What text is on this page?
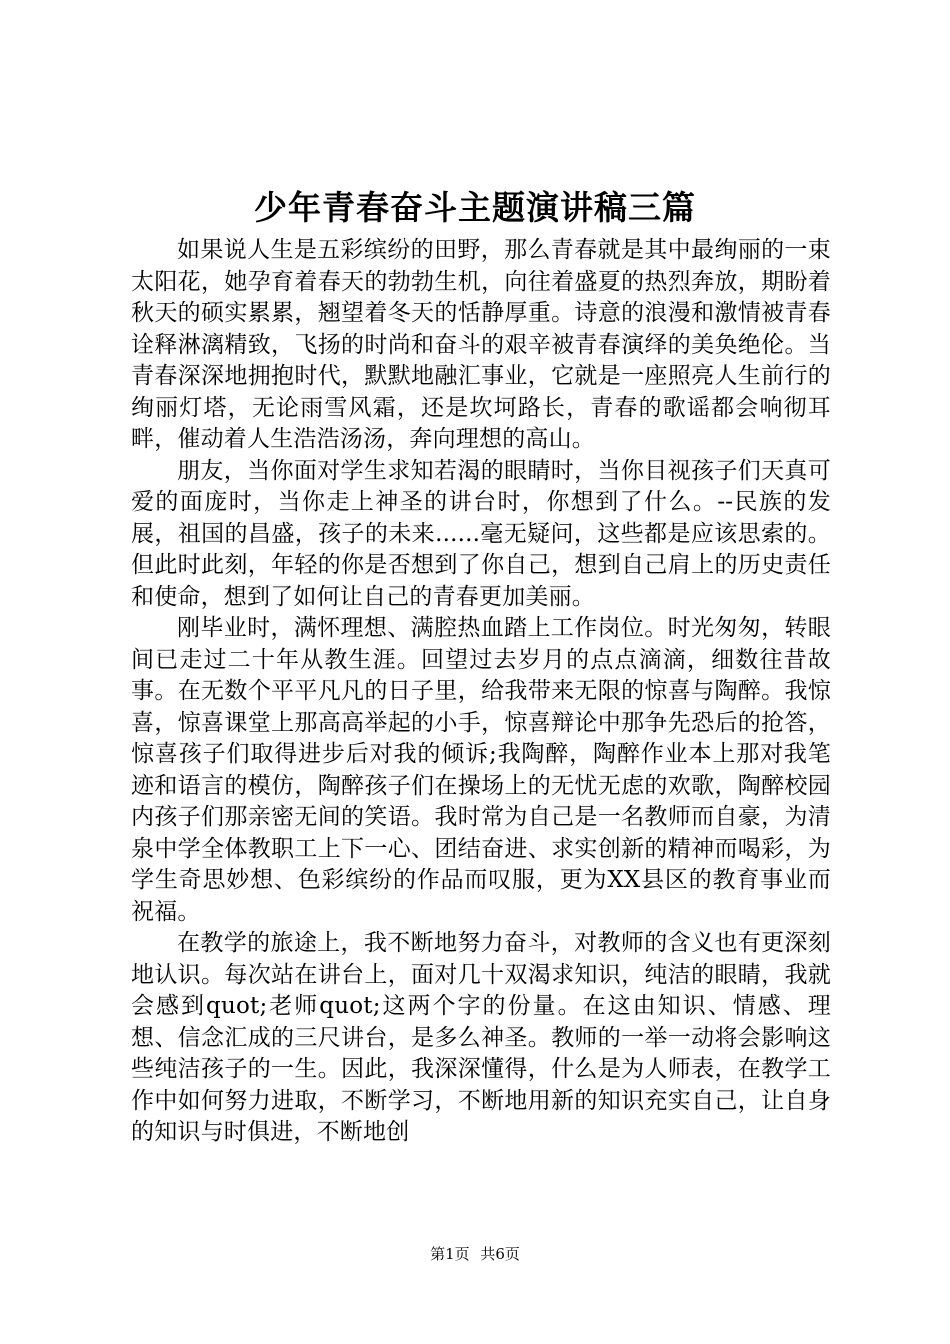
少年青春奋斗主题演讲稿三篇

如果说人生是五彩缤纷的田野，那么青春就是其中最绚丽的一束太阳花，她孕育着春天的勃勃生机，向往着盛夏的热烈奔放，期盼着秋天的硕实累累，翘望着冬天的恬静厚重。诗意的浪漫和激情被青春诠释淋漓精致，飞扬的时尚和奋斗的艰辛被青春演绎的美奂绝伦。当青春深深地拥抱时代，默默地融汇事业，它就是一座照亮人生前行的绚丽灯塔，无论雨雪风霜，还是坎坷路长，青春的歌谣都会响彻耳畔，催动着人生浩浩汤汤，奔向理想的高山。

朋友，当你面对学生求知若渴的眼睛时，当你目视孩子们天真可爱的面庞时，当你走上神圣的讲台时，你想到了什么。--民族的发展，祖国的昌盛，孩子的未来......毫无疑问，这些都是应该思索的。但此时此刻，年轻的你是否想到了你自己，想到自己肩上的历史责任和使命，想到了如何让自己的青春更加美丽。

刚毕业时，满怀理想、满腔热血踏上工作岗位。时光匆匆，转眼间已走过二十年从教生涯。回望过去岁月的点点滴滴，细数往昔故事。在无数个平平凡凡的日子里，给我带来无限的惊喜与陶醉。我惊喜，惊喜课堂上那高高举起的小手，惊喜辩论中那争先恐后的抢答，惊喜孩子们取得进步后对我的倾诉;我陶醉，陶醉作业本上那对我笔迹和语言的模仿，陶醉孩子们在操场上的无忧无虑的欢歌，陶醉校园内孩子们那亲密无间的笑语。我时常为自己是一名教师而自豪，为清泉中学全体教职工上下一心、团结奋进、求实创新的精神而喝彩，为学生奇思妙想、色彩缤纷的作品而叹服，更为XX县区的教育事业而祝福。

在教学的旅途上，我不断地努力奋斗，对教师的含义也有更深刻地认识。每次站在讲台上，面对几十双渴求知识，纯洁的眼睛，我就会感到quot;老师quot;这两个字的份量。在这由知识、情感、理想、信念汇成的三尺讲台，是多么神圣。教师的一举一动将会影响这些纯洁孩子的一生。因此，我深深懂得，什么是为人师表，在教学工作中如何努力进取，不断学习，不断地用新的知识充实自己，让自身的知识与时俱进，不断地创

第1页 共6页
